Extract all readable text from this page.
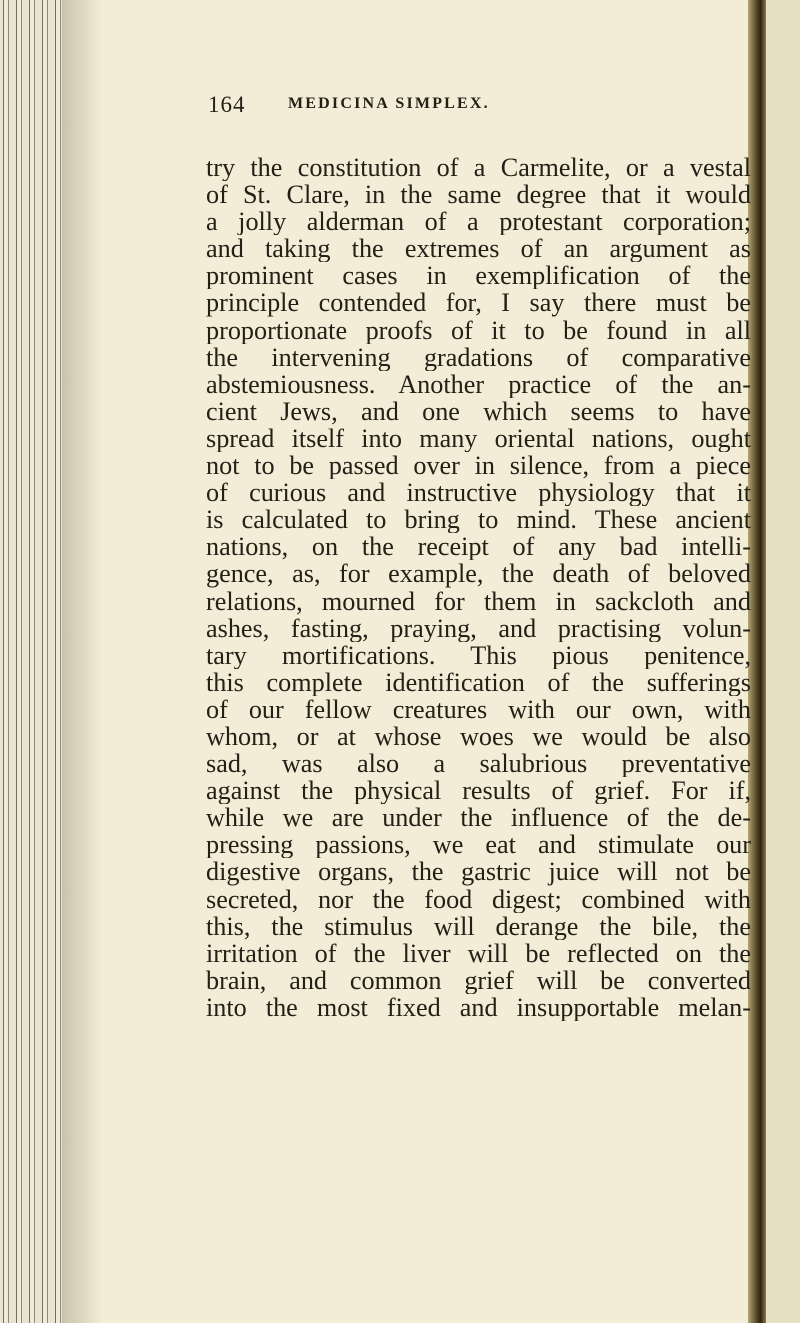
164	MEDICINA SIMPLEX.
try the constitution of a Carmelite, or a vestal
of St. Clare, in the same degree that it would
a jolly alderman of a protestant corporation;
and taking the extremes of an argument as
prominent cases in exemplification of the
principle contended for, I say there must be
proportionate proofs of it to be found in all
the intervening gradations of comparative
abstemiousness. Another practice of the an-
cient Jews, and one which seems to have
spread itself into many oriental nations, ought
not to be passed over in silence, from a piece
of curious and instructive physiology that it
is calculated to bring to mind. These ancient
nations, on the receipt of any bad intelli-
gence, as, for example, the death of beloved
relations, mourned for them in sackcloth and
ashes, fasting, praying, and practising volun-
tary mortifications. This pious penitence,
this complete identification of the sufferings
of our fellow creatures with our own, with
whom, or at whose woes we would be also
sad, was also a salubrious preventative
against the physical results of grief. For if,
while we are under the influence of the de-
pressing passions, we eat and stimulate our
digestive organs, the gastric juice will not be
secreted, nor the food digest; combined with
this, the stimulus will derange the bile, the
irritation of the liver will be reflected on the
brain, and common grief will be converted
into the most fixed and insupportable melan-
